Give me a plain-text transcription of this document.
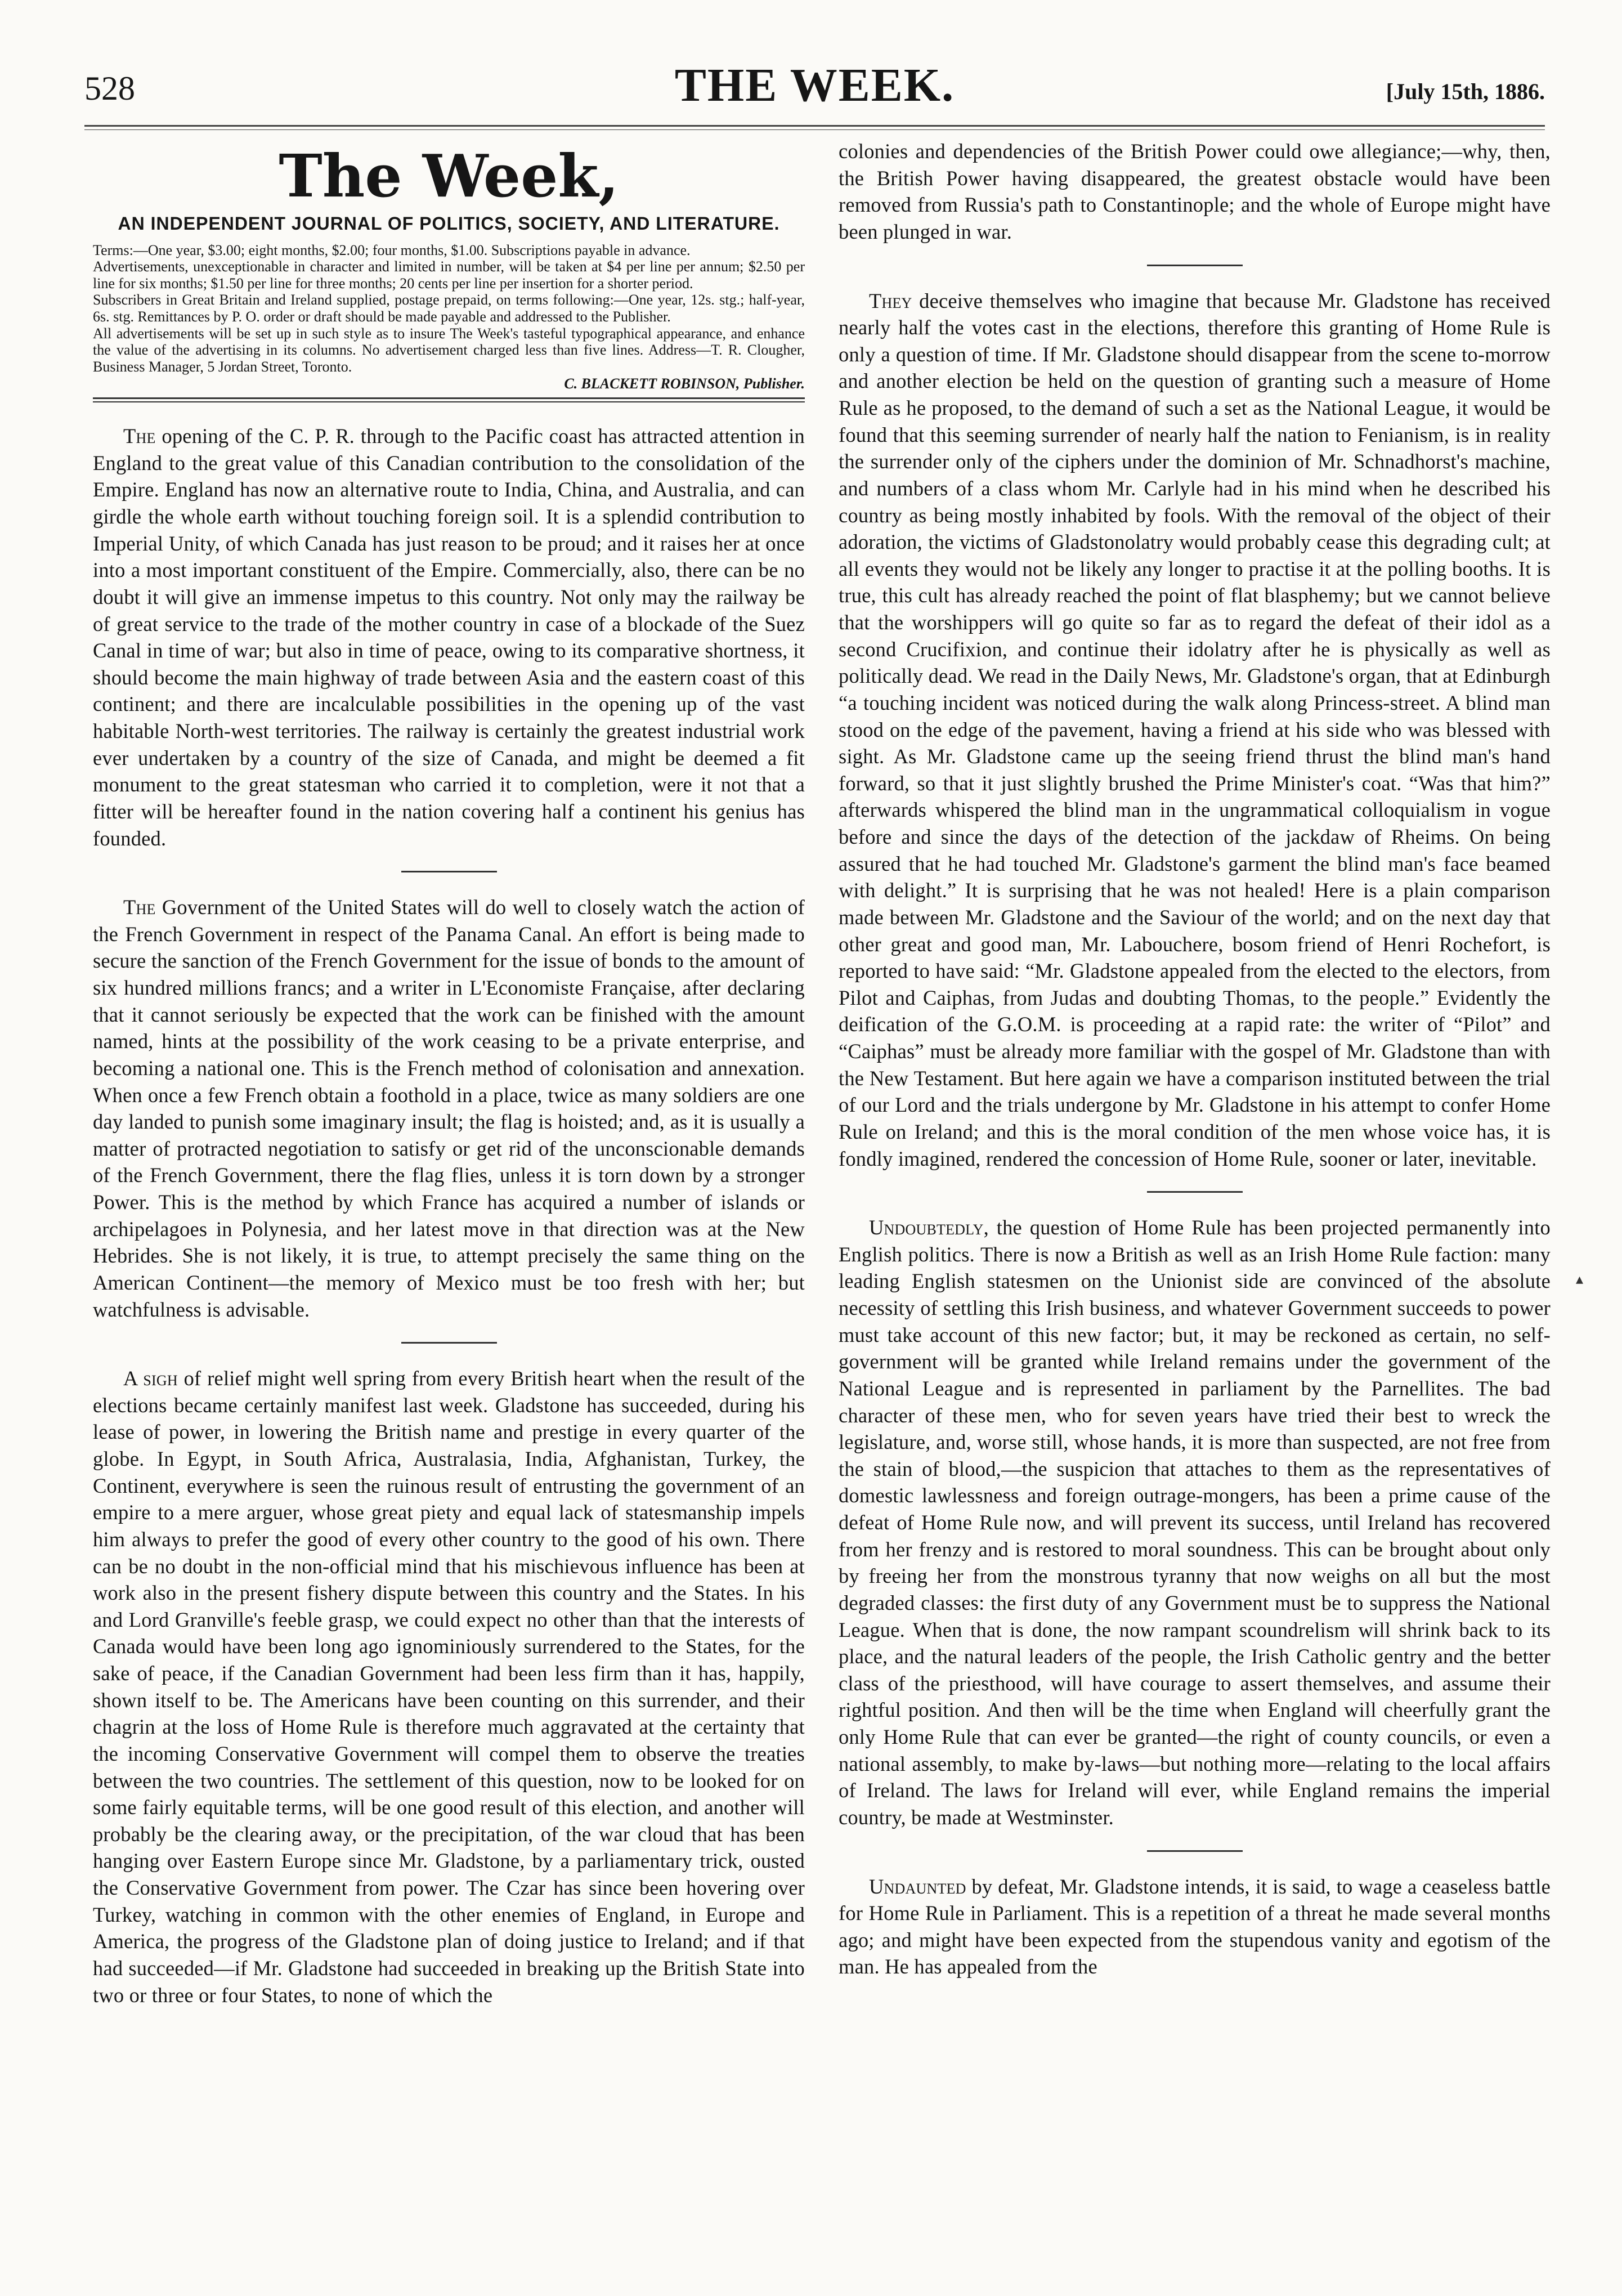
528	THE WEEK.	[July 15th, 1886.
The Week,
AN INDEPENDENT JOURNAL OF POLITICS, SOCIETY, AND LITERATURE.

Terms:—One year, $3.00; eight months, $2.00; four months, $1.00. Subscriptions payable in advance.

Advertisements, unexceptionable in character and limited in number, will be taken at $4 per line per annum; $2.50 per line for six months; $1.50 per line for three months; 20 cents per line per insertion for a shorter period.

Subscribers in Great Britain and Ireland supplied, postage prepaid, on terms following:—One year, 12s. stg.; half-year, 6s. stg. Remittances by P. O. order or draft should be made payable and addressed to the Publisher.

All advertisements will be set up in such style as to insure The Week's tasteful typographical appearance, and enhance the value of the advertising in its columns. No advertisement charged less than five lines. Address—T. R. Clougher, Business Manager, 5 Jordan Street, Toronto.

C. BLACKETT ROBINSON, Publisher.

The opening of the C. P. R. through to the Pacific coast has attracted attention in England to the great value of this Canadian contribution to the consolidation of the Empire. England has now an alternative route to India, China, and Australia, and can girdle the whole earth without touching foreign soil. It is a splendid contribution to Imperial Unity, of which Canada has just reason to be proud; and it raises her at once into a most important constituent of the Empire. Commercially, also, there can be no doubt it will give an immense impetus to this country. Not only may the railway be of great service to the trade of the mother country in case of a blockade of the Suez Canal in time of war; but also in time of peace, owing to its comparative shortness, it should become the main highway of trade between Asia and the eastern coast of this continent; and there are incalculable possibilities in the opening up of the vast habitable North-west territories. The railway is certainly the greatest industrial work ever undertaken by a country of the size of Canada, and might be deemed a fit monument to the great statesman who carried it to completion, were it not that a fitter will be hereafter found in the nation covering half a continent his genius has founded.

The Government of the United States will do well to closely watch the action of the French Government in respect of the Panama Canal. An effort is being made to secure the sanction of the French Government for the issue of bonds to the amount of six hundred millions francs; and a writer in L'Economiste Française, after declaring that it cannot seriously be expected that the work can be finished with the amount named, hints at the possibility of the work ceasing to be a private enterprise, and becoming a national one. This is the French method of colonisation and annexation. When once a few French obtain a foothold in a place, twice as many soldiers are one day landed to punish some imaginary insult; the flag is hoisted; and, as it is usually a matter of protracted negotiation to satisfy or get rid of the unconscionable demands of the French Government, there the flag flies, unless it is torn down by a stronger Power. This is the method by which France has acquired a number of islands or archipelagoes in Polynesia, and her latest move in that direction was at the New Hebrides. She is not likely, it is true, to attempt precisely the same thing on the American Continent—the memory of Mexico must be too fresh with her; but watchfulness is advisable.

A sigh of relief might well spring from every British heart when the result of the elections became certainly manifest last week. Gladstone has succeeded, during his lease of power, in lowering the British name and prestige in every quarter of the globe. In Egypt, in South Africa, Australasia, India, Afghanistan, Turkey, the Continent, everywhere is seen the ruinous result of entrusting the government of an empire to a mere arguer, whose great piety and equal lack of statesmanship impels him always to prefer the good of every other country to the good of his own. There can be no doubt in the non-official mind that his mischievous influence has been at work also in the present fishery dispute between this country and the States. In his and Lord Granville's feeble grasp, we could expect no other than that the interests of Canada would have been long ago ignominiously surrendered to the States, for the sake of peace, if the Canadian Government had been less firm than it has, happily, shown itself to be. The Americans have been counting on this surrender, and their chagrin at the loss of Home Rule is therefore much aggravated at the certainty that the incoming Conservative Government will compel them to observe the treaties between the two countries. The settlement of this question, now to be looked for on some fairly equitable terms, will be one good result of this election, and another will probably be the clearing away, or the precipitation, of the war cloud that has been hanging over Eastern Europe since Mr. Gladstone, by a parliamentary trick, ousted the Conservative Government from power. The Czar has since been hovering over Turkey, watching in common with the other enemies of England, in Europe and America, the progress of the Gladstone plan of doing justice to Ireland; and if that had succeeded—if Mr. Gladstone had succeeded in breaking up the British State into two or three or four States, to none of which the

colonies and dependencies of the British Power could owe allegiance;—why, then, the British Power having disappeared, the greatest obstacle would have been removed from Russia's path to Constantinople; and the whole of Europe might have been plunged in war.

They deceive themselves who imagine that because Mr. Gladstone has received nearly half the votes cast in the elections, therefore this granting of Home Rule is only a question of time. If Mr. Gladstone should disappear from the scene to-morrow and another election be held on the question of granting such a measure of Home Rule as he proposed, to the demand of such a set as the National League, it would be found that this seeming surrender of nearly half the nation to Fenianism, is in reality the surrender only of the ciphers under the dominion of Mr. Schnadhorst's machine, and numbers of a class whom Mr. Carlyle had in his mind when he described his country as being mostly inhabited by fools. With the removal of the object of their adoration, the victims of Gladstonolatry would probably cease this degrading cult; at all events they would not be likely any longer to practise it at the polling booths. It is true, this cult has already reached the point of flat blasphemy; but we cannot believe that the worshippers will go quite so far as to regard the defeat of their idol as a second Crucifixion, and continue their idolatry after he is physically as well as politically dead. We read in the Daily News, Mr. Gladstone's organ, that at Edinburgh “a touching incident was noticed during the walk along Princess-street. A blind man stood on the edge of the pavement, having a friend at his side who was blessed with sight. As Mr. Gladstone came up the seeing friend thrust the blind man's hand forward, so that it just slightly brushed the Prime Minister's coat. “Was that him?” afterwards whispered the blind man in the ungrammatical colloquialism in vogue before and since the days of the detection of the jackdaw of Rheims. On being assured that he had touched Mr. Gladstone's garment the blind man's face beamed with delight.” It is surprising that he was not healed! Here is a plain comparison made between Mr. Gladstone and the Saviour of the world; and on the next day that other great and good man, Mr. Labouchere, bosom friend of Henri Rochefort, is reported to have said: “Mr. Gladstone appealed from the elected to the electors, from Pilot and Caiphas, from Judas and doubting Thomas, to the people.” Evidently the deification of the G.O.M. is proceeding at a rapid rate: the writer of “Pilot” and “Caiphas” must be already more familiar with the gospel of Mr. Gladstone than with the New Testament. But here again we have a comparison instituted between the trial of our Lord and the trials undergone by Mr. Gladstone in his attempt to confer Home Rule on Ireland; and this is the moral condition of the men whose voice has, it is fondly imagined, rendered the concession of Home Rule, sooner or later, inevitable.

Undoubtedly, the question of Home Rule has been projected permanently into English politics. There is now a British as well as an Irish Home Rule faction: many leading English statesmen on the Unionist side are convinced of the absolute necessity of settling this Irish business, and whatever Government succeeds to power must take account of this new factor; but, it may be reckoned as certain, no self-government will be granted while Ireland remains under the government of the National League and is represented in parliament by the Parnellites. The bad character of these men, who for seven years have tried their best to wreck the legislature, and, worse still, whose hands, it is more than suspected, are not free from the stain of blood,—the suspicion that attaches to them as the representatives of domestic lawlessness and foreign outrage-mongers, has been a prime cause of the defeat of Home Rule now, and will prevent its success, until Ireland has recovered from her frenzy and is restored to moral soundness. This can be brought about only by freeing her from the monstrous tyranny that now weighs on all but the most degraded classes: the first duty of any Government must be to suppress the National League. When that is done, the now rampant scoundrelism will shrink back to its place, and the natural leaders of the people, the Irish Catholic gentry and the better class of the priesthood, will have courage to assert themselves, and assume their rightful position. And then will be the time when England will cheerfully grant the only Home Rule that can ever be granted—the right of county councils, or even a national assembly, to make by-laws—but nothing more—relating to the local affairs of Ireland. The laws for Ireland will ever, while England remains the imperial country, be made at Westminster.

Undaunted by defeat, Mr. Gladstone intends, it is said, to wage a ceaseless battle for Home Rule in Parliament. This is a repetition of a threat he made several months ago; and might have been expected from the stupendous vanity and egotism of the man. He has appealed from the

▴
